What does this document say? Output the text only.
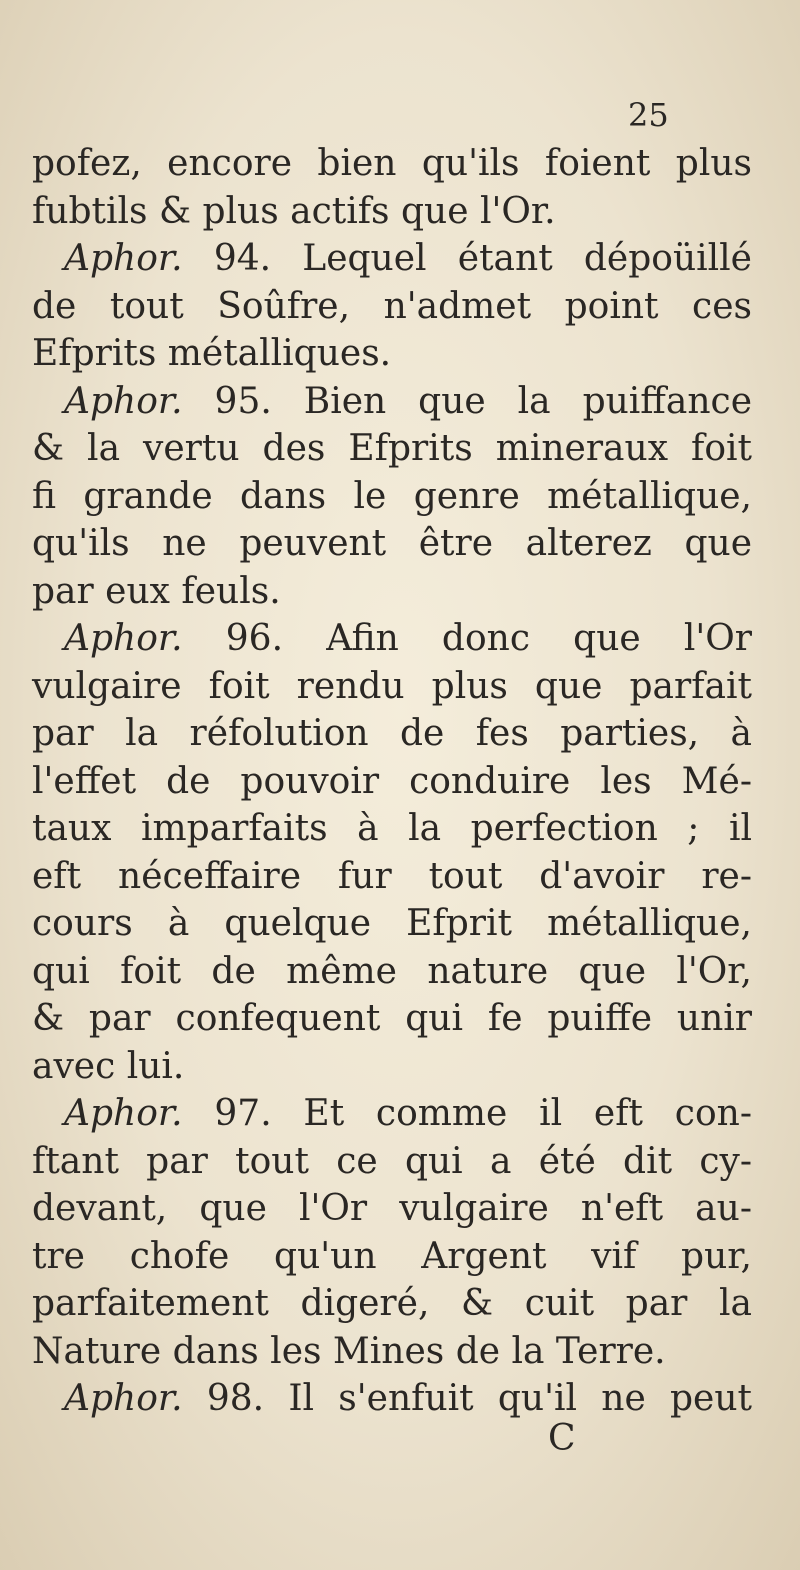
25
pofez, encore bien qu'ils foient plus
fubtils & plus actifs que l'Or.
Aphor. 94. Lequel étant dépoüillé
de tout Soûfre, n'admet point ces
Efprits métalliques.
Aphor. 95. Bien que la puiffance
& la vertu des Efprits mineraux foit
fi grande dans le genre métallique,
qu'ils ne peuvent être alterez que
par eux feuls.
Aphor. 96. Afin donc que l'Or
vulgaire foit rendu plus que parfait
par la réfolution de fes parties, à
l'effet de pouvoir conduire les Mé-
taux imparfaits à la perfection ; il
eft néceffaire fur tout d'avoir re-
cours à quelque Efprit métallique,
qui foit de même nature que l'Or,
& par confequent qui fe puiffe unir
avec lui.
Aphor. 97. Et comme il eft con-
ftant par tout ce qui a été dit cy-
devant, que l'Or vulgaire n'eft au-
tre chofe qu'un Argent vif pur,
parfaitement digeré, & cuit par la
Nature dans les Mines de la Terre.
Aphor. 98. Il s'enfuit qu'il ne peut
C
